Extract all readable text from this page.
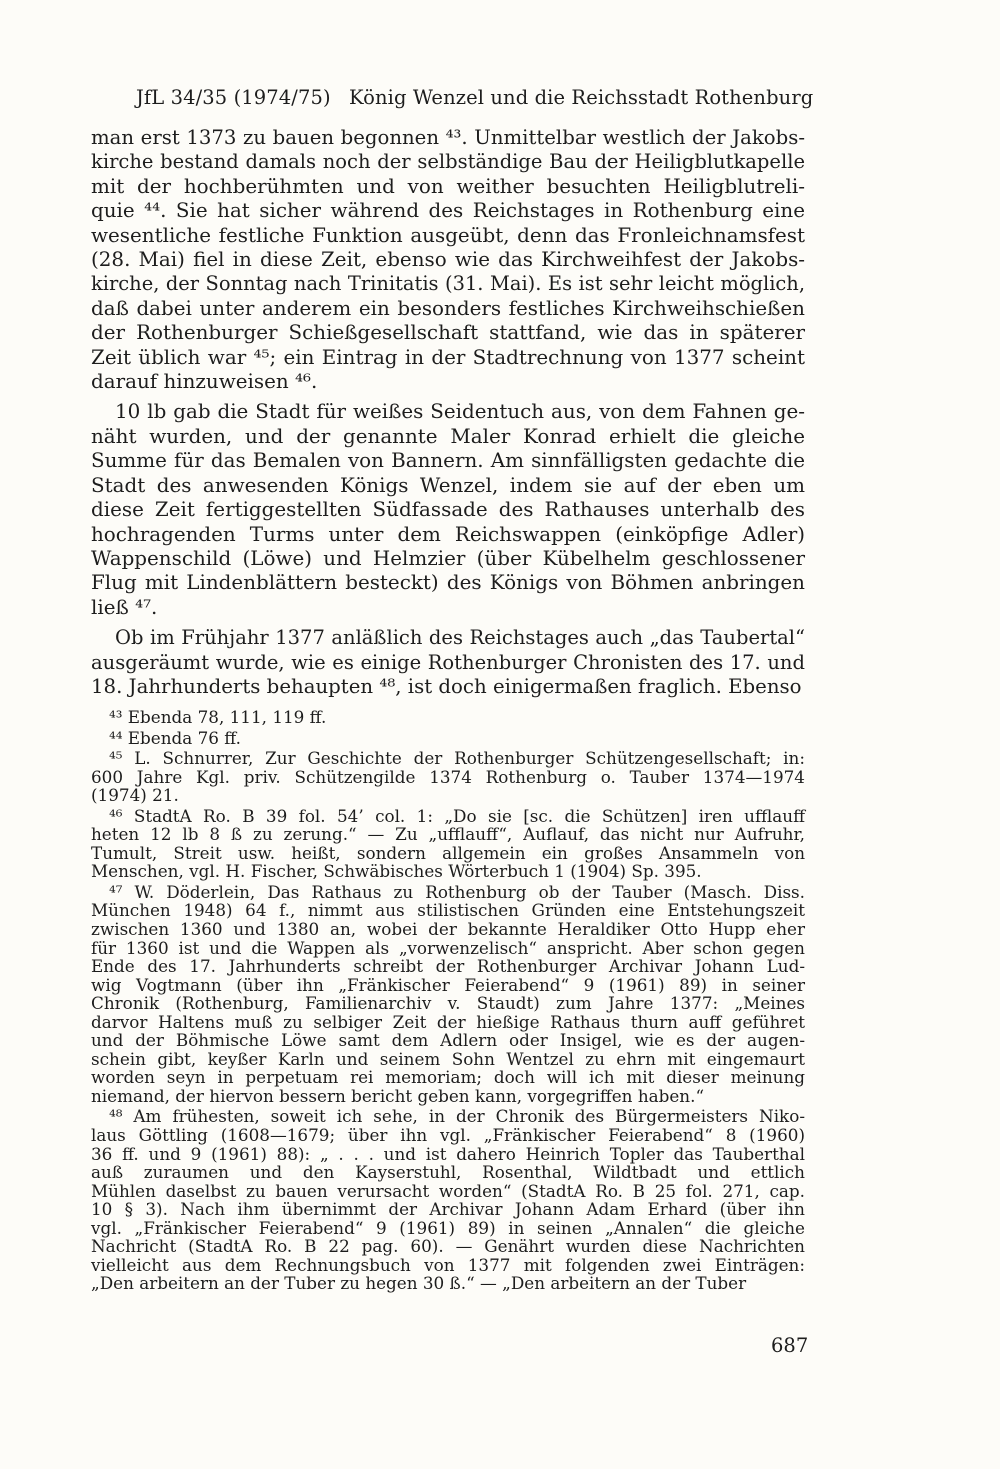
JfL 34/35 (1974/75) König Wenzel und die Reichsstadt Rothenburg
man erst 1373 zu bauen begonnen ⁴³. Unmittelbar westlich der Jakobs-
kirche bestand damals noch der selbständige Bau der Heiligblutkapelle
mit der hochberühmten und von weither besuchten Heiligblutreli-
quie ⁴⁴. Sie hat sicher während des Reichstages in Rothenburg eine
wesentliche festliche Funktion ausgeübt, denn das Fronleichnamsfest
(28. Mai) fiel in diese Zeit, ebenso wie das Kirchweihfest der Jakobs-
kirche, der Sonntag nach Trinitatis (31. Mai). Es ist sehr leicht möglich,
daß dabei unter anderem ein besonders festliches Kirchweihschießen
der Rothenburger Schießgesellschaft stattfand, wie das in späterer
Zeit üblich war ⁴⁵; ein Eintrag in der Stadtrechnung von 1377 scheint
darauf hinzuweisen ⁴⁶.
10 lb gab die Stadt für weißes Seidentuch aus, von dem Fahnen ge-
näht wurden, und der genannte Maler Konrad erhielt die gleiche
Summe für das Bemalen von Bannern. Am sinnfälligsten gedachte die
Stadt des anwesenden Königs Wenzel, indem sie auf der eben um
diese Zeit fertiggestellten Südfassade des Rathauses unterhalb des
hochragenden Turms unter dem Reichswappen (einköpfige Adler)
Wappenschild (Löwe) und Helmzier (über Kübelhelm geschlossener
Flug mit Lindenblättern besteckt) des Königs von Böhmen anbringen
ließ ⁴⁷.
Ob im Frühjahr 1377 anläßlich des Reichstages auch „das Taubertal“
ausgeräumt wurde, wie es einige Rothenburger Chronisten des 17. und
18. Jahrhunderts behaupten ⁴⁸, ist doch einigermaßen fraglich. Ebenso
⁴³ Ebenda 78, 111, 119 ff.
⁴⁴ Ebenda 76 ff.
⁴⁵ L. Schnurrer, Zur Geschichte der Rothenburger Schützengesellschaft; in:
600 Jahre Kgl. priv. Schützengilde 1374 Rothenburg o. Tauber 1374—1974
(1974) 21.
⁴⁶ StadtA Ro. B 39 fol. 54’ col. 1: „Do sie [sc. die Schützen] iren ufflauff
heten 12 lb 8 ß zu zerung.“ — Zu „ufflauff“, Auflauf, das nicht nur Aufruhr,
Tumult, Streit usw. heißt, sondern allgemein ein großes Ansammeln von
Menschen, vgl. H. Fischer, Schwäbisches Wörterbuch 1 (1904) Sp. 395.
⁴⁷ W. Döderlein, Das Rathaus zu Rothenburg ob der Tauber (Masch. Diss.
München 1948) 64 f., nimmt aus stilistischen Gründen eine Entstehungszeit
zwischen 1360 und 1380 an, wobei der bekannte Heraldiker Otto Hupp eher
für 1360 ist und die Wappen als „vorwenzelisch“ anspricht. Aber schon gegen
Ende des 17. Jahrhunderts schreibt der Rothenburger Archivar Johann Lud-
wig Vogtmann (über ihn „Fränkischer Feierabend“ 9 (1961) 89) in seiner
Chronik (Rothenburg, Familienarchiv v. Staudt) zum Jahre 1377: „Meines
darvor Haltens muß zu selbiger Zeit der hießige Rathaus thurn auff geführet
und der Böhmische Löwe samt dem Adlern oder Insigel, wie es der augen-
schein gibt, keyßer Karln und seinem Sohn Wentzel zu ehrn mit eingemaurt
worden seyn in perpetuam rei memoriam; doch will ich mit dieser meinung
niemand, der hiervon bessern bericht geben kann, vorgegriffen haben.“
⁴⁸ Am frühesten, soweit ich sehe, in der Chronik des Bürgermeisters Niko-
laus Göttling (1608—1679; über ihn vgl. „Fränkischer Feierabend“ 8 (1960)
36 ff. und 9 (1961) 88): „ . . . und ist dahero Heinrich Topler das Tauberthal
auß zuraumen und den Kayserstuhl, Rosenthal, Wildtbadt und ettlich
Mühlen daselbst zu bauen verursacht worden“ (StadtA Ro. B 25 fol. 271, cap.
10 § 3). Nach ihm übernimmt der Archivar Johann Adam Erhard (über ihn
vgl. „Fränkischer Feierabend“ 9 (1961) 89) in seinen „Annalen“ die gleiche
Nachricht (StadtA Ro. B 22 pag. 60). — Genährt wurden diese Nachrichten
vielleicht aus dem Rechnungsbuch von 1377 mit folgenden zwei Einträgen:
„Den arbeitern an der Tuber zu hegen 30 ß.“ — „Den arbeitern an der Tuber
687
